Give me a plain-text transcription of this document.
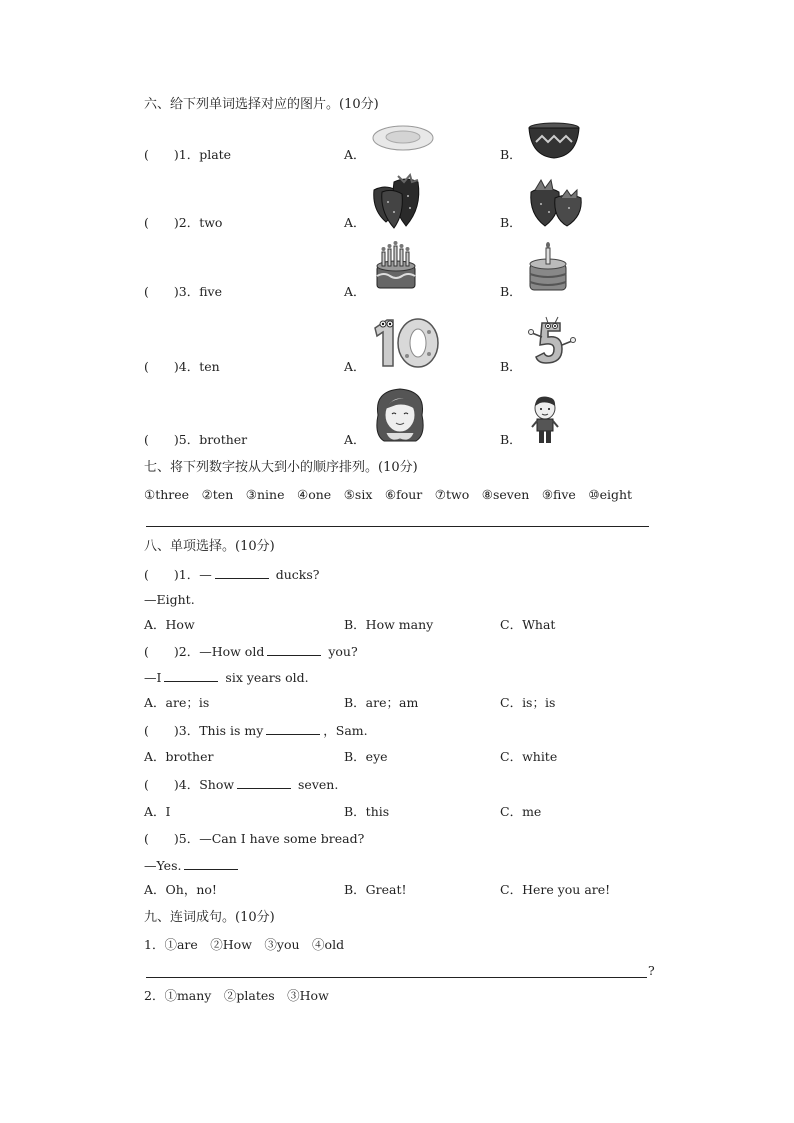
六、给下列单词选择对应的图片。(10分)
(　　)1．plate	A．	B．
(　　)2．two	A．	B．
(　　)3．five	A．	B．
(　　)4．ten	A．	B．
(　　)5．brother	A．	B．
七、将下列数字按从大到小的顺序排列。(10分)
①three　 ②ten　 ③nine　 ④one　 ⑤six　 ⑥four　 ⑦two　 ⑧seven　 ⑨five　 ⑩eight
八、单项选择。(10分)
(　　)1．—	ducks?
—Eight.
A．How	B．How many	C．What
(　　)2．—How old	you?
—I	six years old.
A．are；is	B．are；am	C．is；is
(　　)3．This is my	，Sam.
A．brother	B．eye	C．white
(　　)4．Show	seven.
A．I	B．this	C．me
(　　)5．—Can I have some bread?
—Yes.
A．Oh，no!	B．Great!	C．Here you are!
九、连词成句。(10分)
1．①are　②How　③you　④old
?
2．①many　②plates　③How
